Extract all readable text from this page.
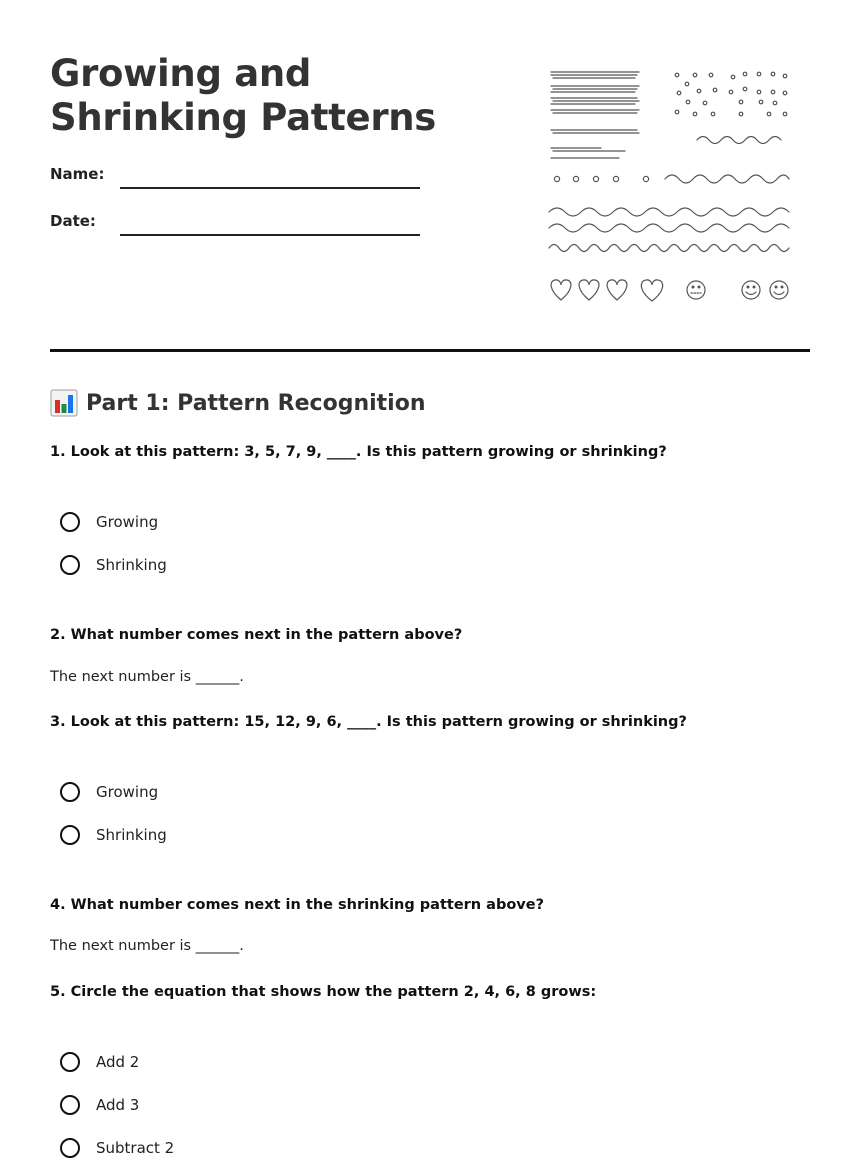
Growing and Shrinking Patterns
Name:
Date:
Part 1: Pattern Recognition
1. Look at this pattern: 3, 5, 7, 9, ____. Is this pattern growing or shrinking?
Growing
Shrinking
2. What number comes next in the pattern above?
The next number is ______.
3. Look at this pattern: 15, 12, 9, 6, ____. Is this pattern growing or shrinking?
Growing
Shrinking
4. What number comes next in the shrinking pattern above?
The next number is ______.
5. Circle the equation that shows how the pattern 2, 4, 6, 8 grows:
Add 2
Add 3
Subtract 2
